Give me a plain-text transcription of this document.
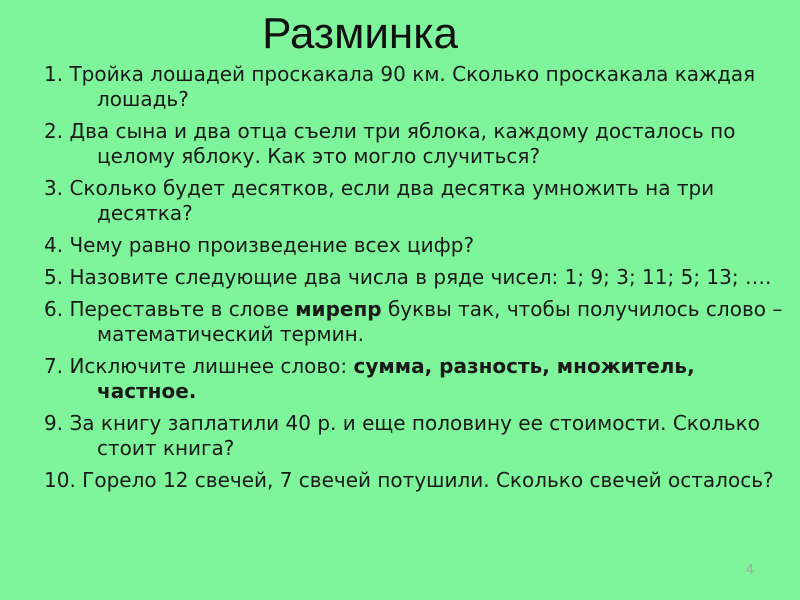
Разминка
1. Тройка лошадей проскакала 90 км. Сколько проскакала каждая лошадь?
2. Два сына и два отца съели три яблока, каждому досталось по целому яблоку. Как это могло случиться?
3. Сколько будет десятков, если два десятка умножить на три десятка?
4. Чему равно произведение всех цифр?
5. Назовите следующие два числа в ряде чисел: 1; 9; 3; 11; 5; 13; ….
6. Переставьте в слове мирепр буквы так, чтобы получилось слово – математический термин.
7. Исключите лишнее слово: сумма, разность, множитель, частное.
9. За книгу заплатили 40 р. и еще половину ее стоимости. Сколько стоит книга?
10. Горело 12 свечей, 7 свечей потушили. Сколько свечей осталось?
4
